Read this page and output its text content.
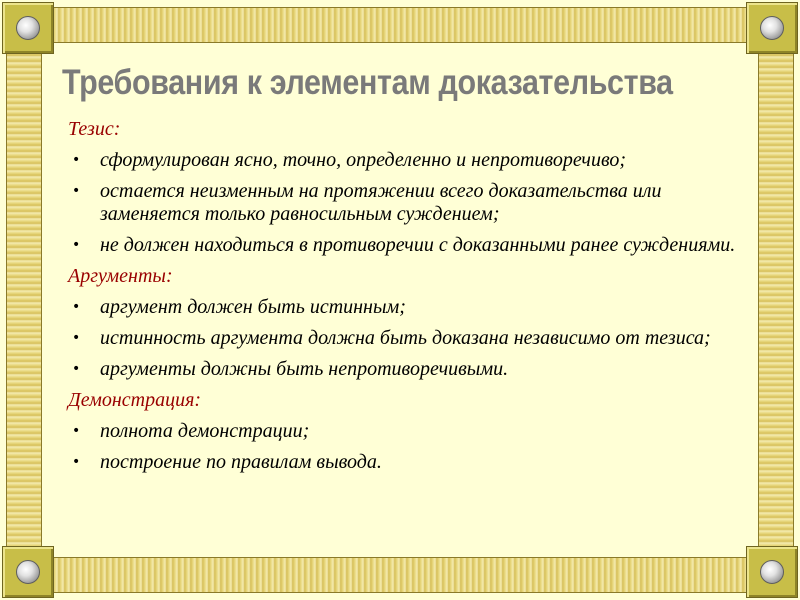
Требования к элементам доказательства
Тезис:
• сформулирован ясно, точно, определенно и непротиворечиво;
• остается неизменным на протяжении всего доказательства или заменяется только равносильным суждением;
• не должен находиться в противоречии с доказанными ранее суждениями.
Аргументы:
• аргумент должен быть истинным;
• истинность аргумента должна быть доказана независимо от тезиса;
• аргументы должны быть непротиворечивыми.
Демонстрация:
• полнота демонстрации;
• построение по правилам вывода.
